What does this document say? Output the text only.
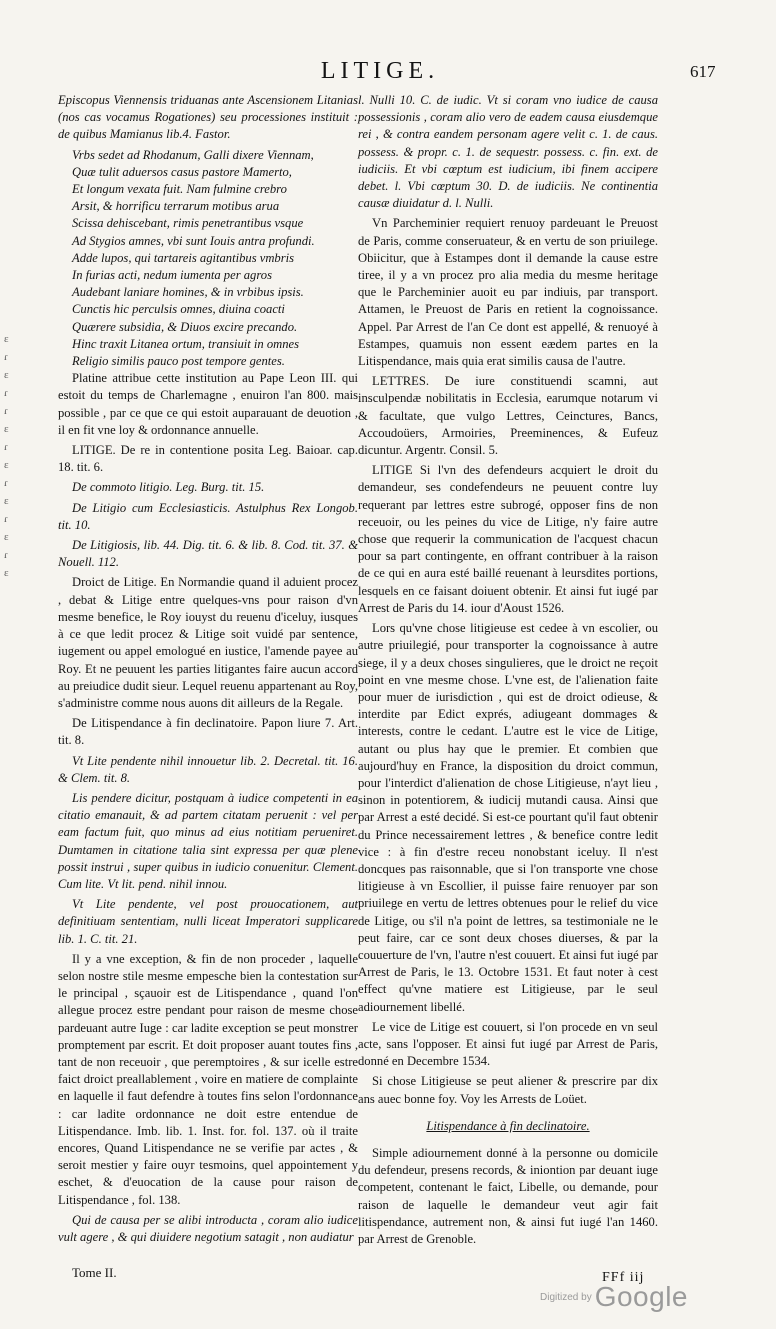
LITIGE.	617
ε
ɾ
ε
ɾ
ɾ
ε
ɾ
ε
ɾ
ε
ɾ
ε
ɾ
ε

Episcopus Viennensis triduanas ante Ascensionem Litanias (nos cas vocamus Rogationes) seu processiones instituit : de quibus Mamianus lib.4. Fastor.

Vrbs sedet ad Rhodanum, Galli dixere Viennam,

Quæ tulit aduersos casus pastore Mamerto,

Et longum vexata fuit. Nam fulmine crebro

Arsit, & horrificu terrarum motibus arua

Scissa dehiscebant, rimis penetrantibus vsque

Ad Stygios amnes, vbi sunt Iouis antra profundi.

Adde lupos, qui tartareis agitantibus vmbris

In furias acti, nedum iumenta per agros

Audebant laniare homines, & in vrbibus ipsis.

Cunctis hic perculsis omnes, diuina coacti

Quærere subsidia, & Diuos excire precando.

Hinc traxit Litanea ortum, transiuit in omnes

Religio similis pauco post tempore gentes.

Platine attribue cette institution au Pape Leon III. qui estoit du temps de Charlemagne , enuiron l'an 800. mais possible , par ce que ce qui estoit auparauant de deuotion , il en fit vne loy & ordonnance annuelle.

LITIGE. De re in contentione posita Leg. Baioar. cap. 18. tit. 6.

De commoto litigio. Leg. Burg. tit. 15.

De Litigio cum Ecclesiasticis. Astulphus Rex Longob. tit. 10.

De Litigiosis, lib. 44. Dig. tit. 6. & lib. 8. Cod. tit. 37. & Nouell. 112.

Droict de Litige. En Normandie quand il aduient procez , debat & Litige entre quelques-vns pour raison d'vn mesme benefice, le Roy iouyst du reuenu d'iceluy, iusques à ce que ledit procez & Litige soit vuidé par sentence, iugement ou appel emologué en iustice, l'amende payee au Roy. Et ne peuuent les parties litigantes faire aucun accord au preiudice dudit sieur. Lequel reuenu appartenant au Roy, s'administre comme nous auons dit ailleurs de la Regale.

De Litispendance à fin declinatoire. Papon liure 7. Art. tit. 8.

Vt Lite pendente nihil innouetur lib. 2. Decretal. tit. 16. & Clem. tit. 8.

Lis pendere dicitur, postquam à iudice competenti in ea citatio emanauit, & ad partem citatam peruenit : vel per eam factum fuit, quo minus ad eius notitiam perueniret. Dumtamen in citatione talia sint expressa per quæ plene possit instrui , super quibus in iudicio conuenitur. Clement. Cum lite. Vt lit. pend. nihil innou.

Vt Lite pendente, vel post prouocationem, aut definitiuam sententiam, nulli liceat Imperatori supplicare lib. 1. C. tit. 21.

Il y a vne exception, & fin de non proceder , laquelle selon nostre stile mesme empesche bien la contestation sur le principal , sçauoir est de Litispendance , quand l'on allegue procez estre pendant pour raison de mesme chose pardeuant autre Iuge : car ladite exception se peut monstrer promptement par escrit. Et doit proposer auant toutes fins , tant de non receuoir , que peremptoires , & sur icelle estre faict droict preallablement , voire en matiere de complainte en laquelle il faut defendre à toutes fins selon l'ordonnance : car ladite ordonnance ne doit estre entendue de Litispendance. Imb. lib. 1. Inst. for. fol. 137. où il traite encores, Quand Litispendance ne se verifie par actes , & seroit mestier y faire ouyr tesmoins, quel appointement y eschet, & d'euocation de la cause pour raison de Litispendance , fol. 138.

Qui de causa per se alibi introducta , coram alio iudice vult agere , & qui diuidere negotium satagit , non audiatur

l. Nulli 10. C. de iudic. Vt si coram vno iudice de causa possessionis , coram alio vero de eadem causa eiusdemque rei , & contra eandem personam agere velit c. 1. de caus. possess. & propr. c. 1. de sequestr. possess. c. fin. ext. de iudiciis. Et vbi cœptum est iudicium, ibi finem accipere debet. l. Vbi cœptum 30. D. de iudiciis. Ne continentia causæ diuidatur d. l. Nulli.

Vn Parcheminier requiert renuoy pardeuant le Preuost de Paris, comme conseruateur, & en vertu de son priuilege. Obiicitur, que à Estampes dont il demande la cause estre tiree, il y a vn procez pro alia media du mesme heritage que le Parcheminier auoit eu par indiuis, par transport. Attamen, le Preuost de Paris en retient la cognoissance. Appel. Par Arrest de l'an Ce dont est appellé, & renuoyé à Estampes, quamuis non essent eædem partes en la Litispendance, mais quia erat similis causa de l'autre.

LETTRES. De iure constituendi scamni, aut insculpendæ nobilitatis in Ecclesia, earumque notarum vi & facultate, que vulgo Lettres, Ceinctures, Bancs, Accoudoüers, Armoiries, Preeminences, & Eufeuz dicuntur. Argentr. Consil. 5.

LITIGE Si l'vn des defendeurs acquiert le droit du demandeur, ses condefendeurs ne peuuent contre luy requerant par lettres estre subrogé, opposer fins de non receuoir, ou les peines du vice de Litige, n'y faire autre chose que requerir la communication de l'acquest chacun pour sa part contingente, en offrant contribuer à la raison de ce qui en aura esté baillé reuenant à leursdites portions, lesquels en ce faisant doiuent obtenir. Et ainsi fut iugé par Arrest de Paris du 14. iour d'Aoust 1526.

Lors qu'vne chose litigieuse est cedee à vn escolier, ou autre priuilegié, pour transporter la cognoissance à autre siege, il y a deux choses singulieres, que le droict ne reçoit point en vne mesme chose. L'vne est, de l'alienation faite pour muer de iurisdiction , qui est de droict odieuse, & interdite par Edict exprés, adiugeant dommages & interests, contre le cedant. L'autre est le vice de Litige, autant ou plus hay que le premier. Et combien que aujourd'huy en France, la disposition du droict commun, pour l'interdict d'alienation de chose Litigieuse, n'ayt lieu , sinon in potentiorem, & iudicij mutandi causa. Ainsi que par Arrest a esté decidé. Si est-ce pourtant qu'il faut obtenir du Prince necessairement lettres , & benefice contre ledit vice : à fin d'estre receu nonobstant iceluy. Il n'est doncques pas raisonnable, que si l'on transporte vne chose litigieuse à vn Escollier, il puisse faire renuoyer par son priuilege en vertu de lettres obtenues pour le relief du vice de Litige, ou s'il n'a point de lettres, sa testimoniale ne le peut faire, car ce sont deux choses diuerses, & par la couuerture de l'vn, l'autre n'est couuert. Et ainsi fut iugé par Arrest de Paris, le 13. Octobre 1531. Et faut noter à cest effect qu'vne matiere est Litigieuse, par le seul adiournement libellé.

Le vice de Litige est couuert, si l'on procede en vn seul acte, sans l'opposer. Et ainsi fut iugé par Arrest de Paris, donné en Decembre 1534.

Si chose Litigieuse se peut aliener & prescrire par dix ans auec bonne foy. Voy les Arrests de Loüet.

Litispendance à fin declinatoire.

Simple adiournement donné à la personne ou domicile du defendeur, presens records, & iniontion par deuant iuge competent, contenant le faict, Libelle, ou demande, pour raison de laquelle le demandeur veut agir fait litispendance, autrement non, & ainsi fut iugé l'an 1460. par Arrest de Grenoble.

Tome II.	FFf iij
Digitized by Google
